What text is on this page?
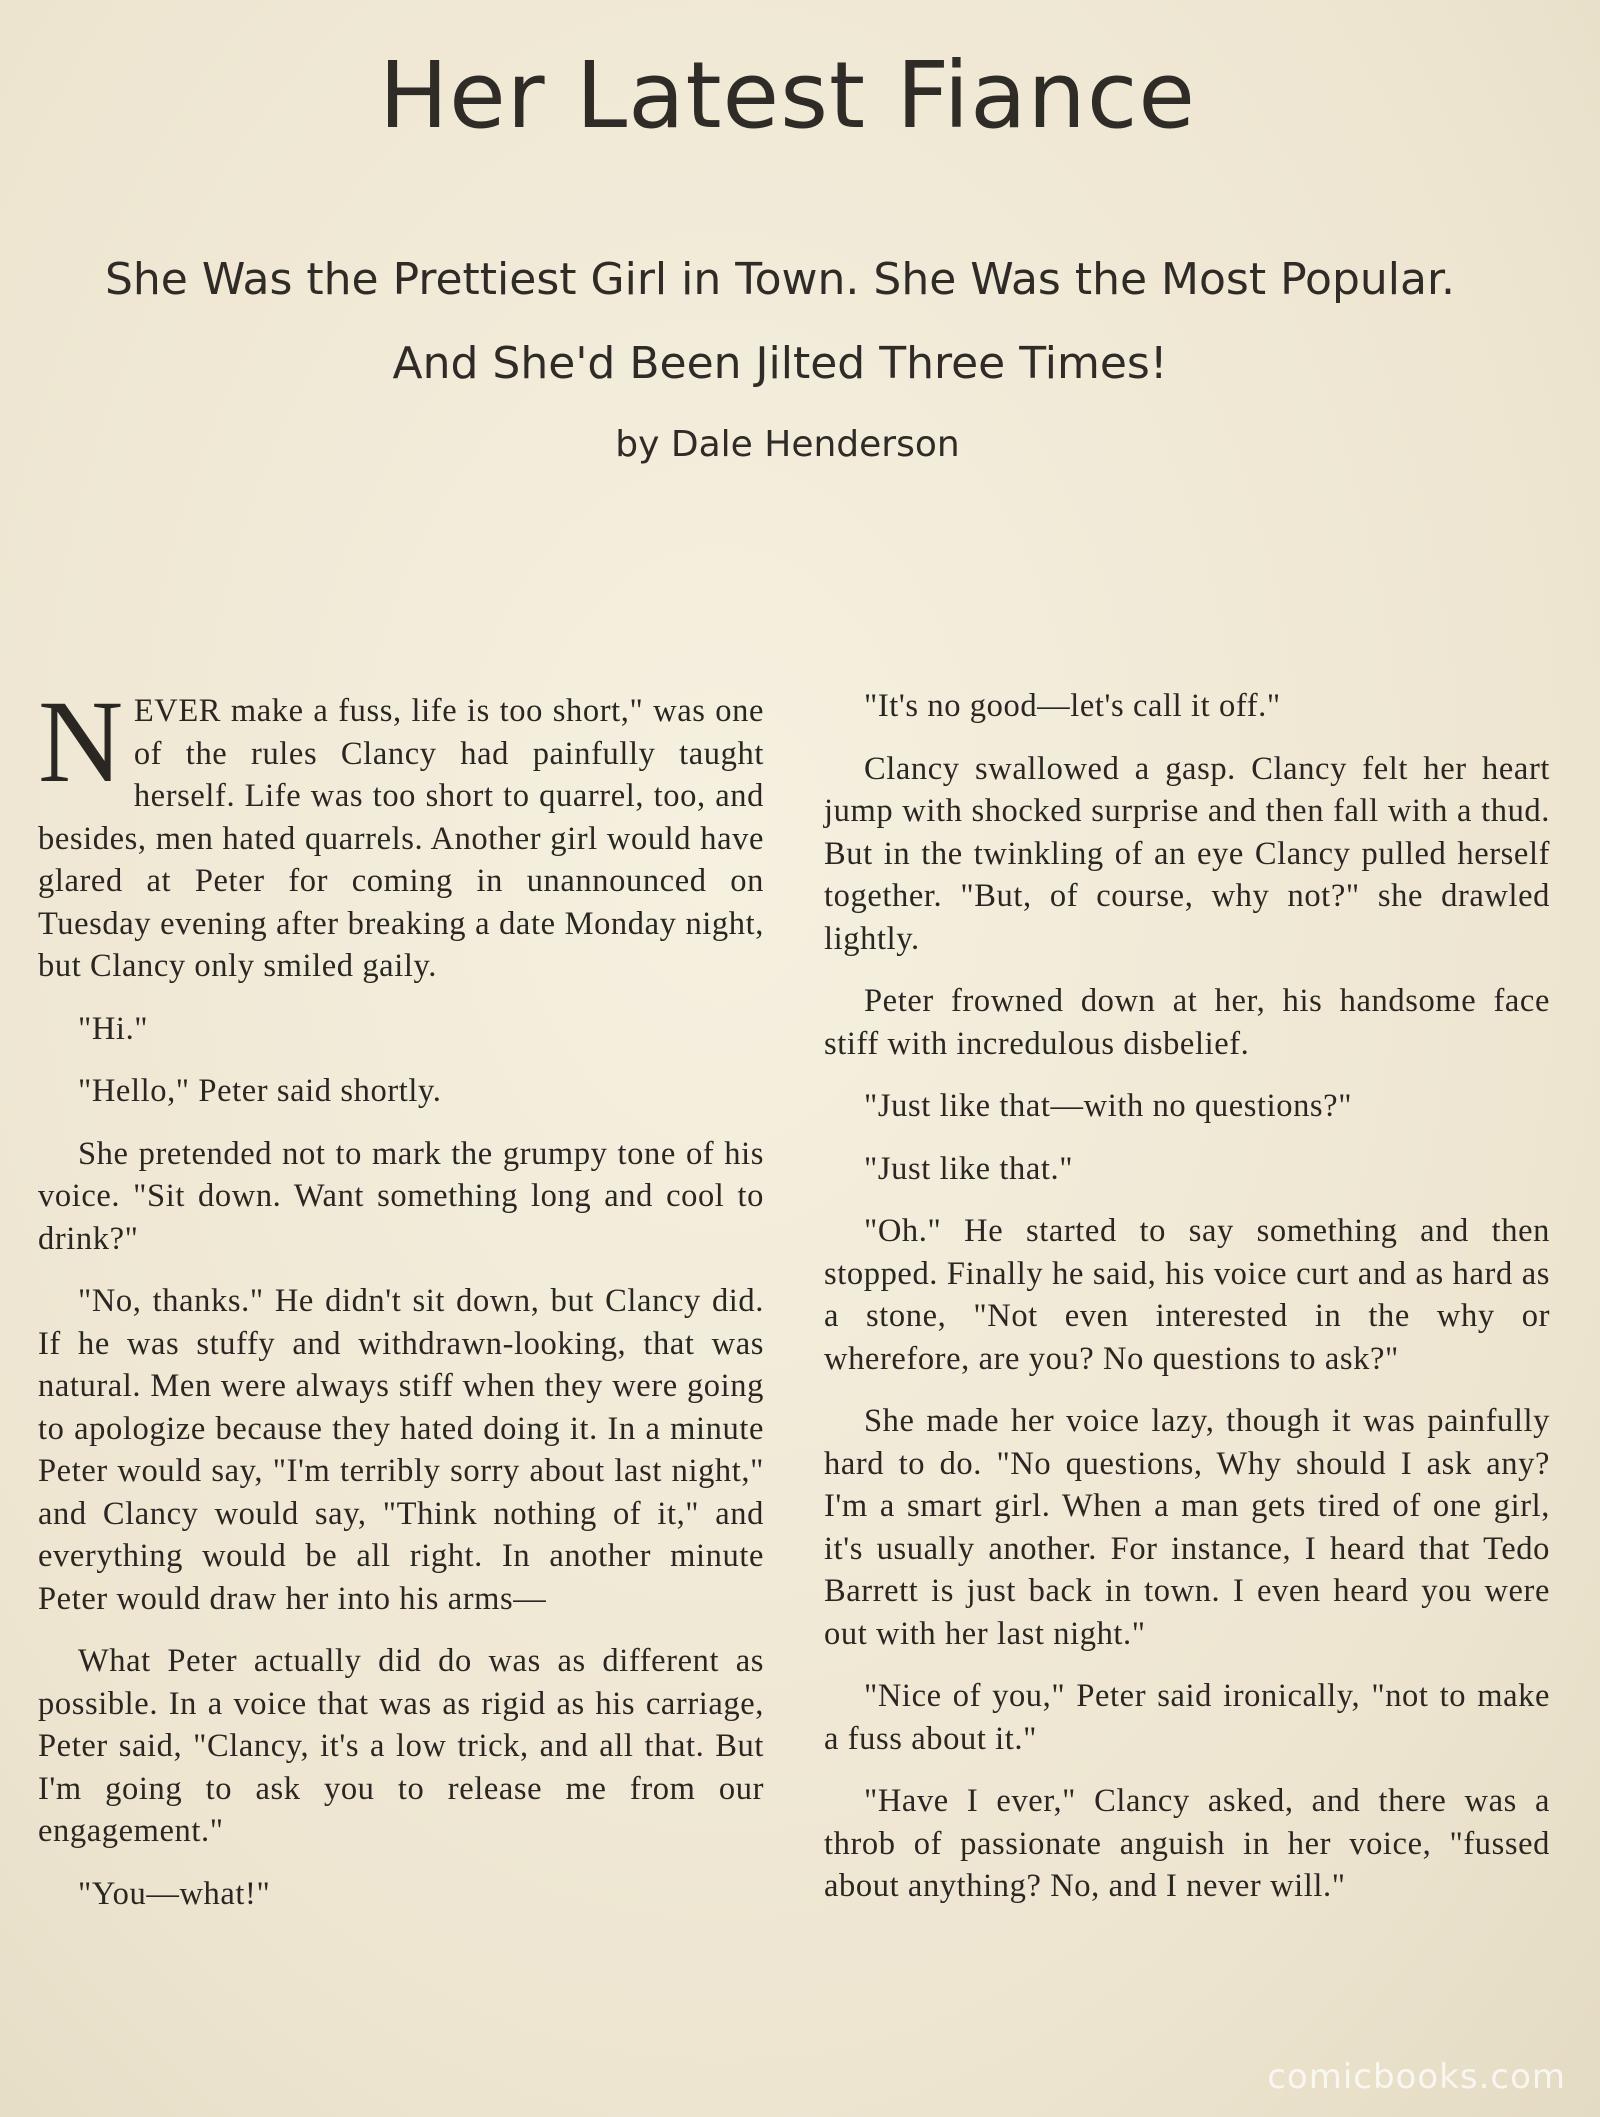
Her Latest Fiance

She Was the Prettiest Girl in Town. She Was the Most Popular. And She'd Been Jilted Three Times!

by Dale Henderson

NEVER make a fuss, life is too short," was one of the rules Clancy had painfully taught herself. Life was too short to quarrel, too, and besides, men hated quarrels. Another girl would have glared at Peter for coming in unannounced on Tuesday evening after breaking a date Monday night, but Clancy only smiled gaily.

"Hi."

"Hello," Peter said shortly.

She pretended not to mark the grumpy tone of his voice. "Sit down. Want something long and cool to drink?"

"No, thanks." He didn't sit down, but Clancy did. If he was stuffy and withdrawn-looking, that was natural. Men were always stiff when they were going to apologize because they hated doing it. In a minute Peter would say, "I'm terribly sorry about last night," and Clancy would say, "Think nothing of it," and everything would be all right. In another minute Peter would draw her into his arms—

What Peter actually did do was as different as possible. In a voice that was as rigid as his carriage, Peter said, "Clancy, it's a low trick, and all that. But I'm going to ask you to release me from our engagement."

"You—what!"

"It's no good—let's call it off."

Clancy swallowed a gasp. Clancy felt her heart jump with shocked surprise and then fall with a thud. But in the twinkling of an eye Clancy pulled herself together. "But, of course, why not?" she drawled lightly.

Peter frowned down at her, his handsome face stiff with incredulous disbelief.

"Just like that—with no questions?"

"Just like that."

"Oh." He started to say something and then stopped. Finally he said, his voice curt and as hard as a stone, "Not even interested in the why or wherefore, are you? No questions to ask?"

She made her voice lazy, though it was painfully hard to do. "No questions, Why should I ask any? I'm a smart girl. When a man gets tired of one girl, it's usually another. For instance, I heard that Tedo Barrett is just back in town. I even heard you were out with her last night."

"Nice of you," Peter said ironically, "not to make a fuss about it."

"Have I ever," Clancy asked, and there was a throb of passionate anguish in her voice, "fussed about anything? No, and I never will."

comicbooks.com
